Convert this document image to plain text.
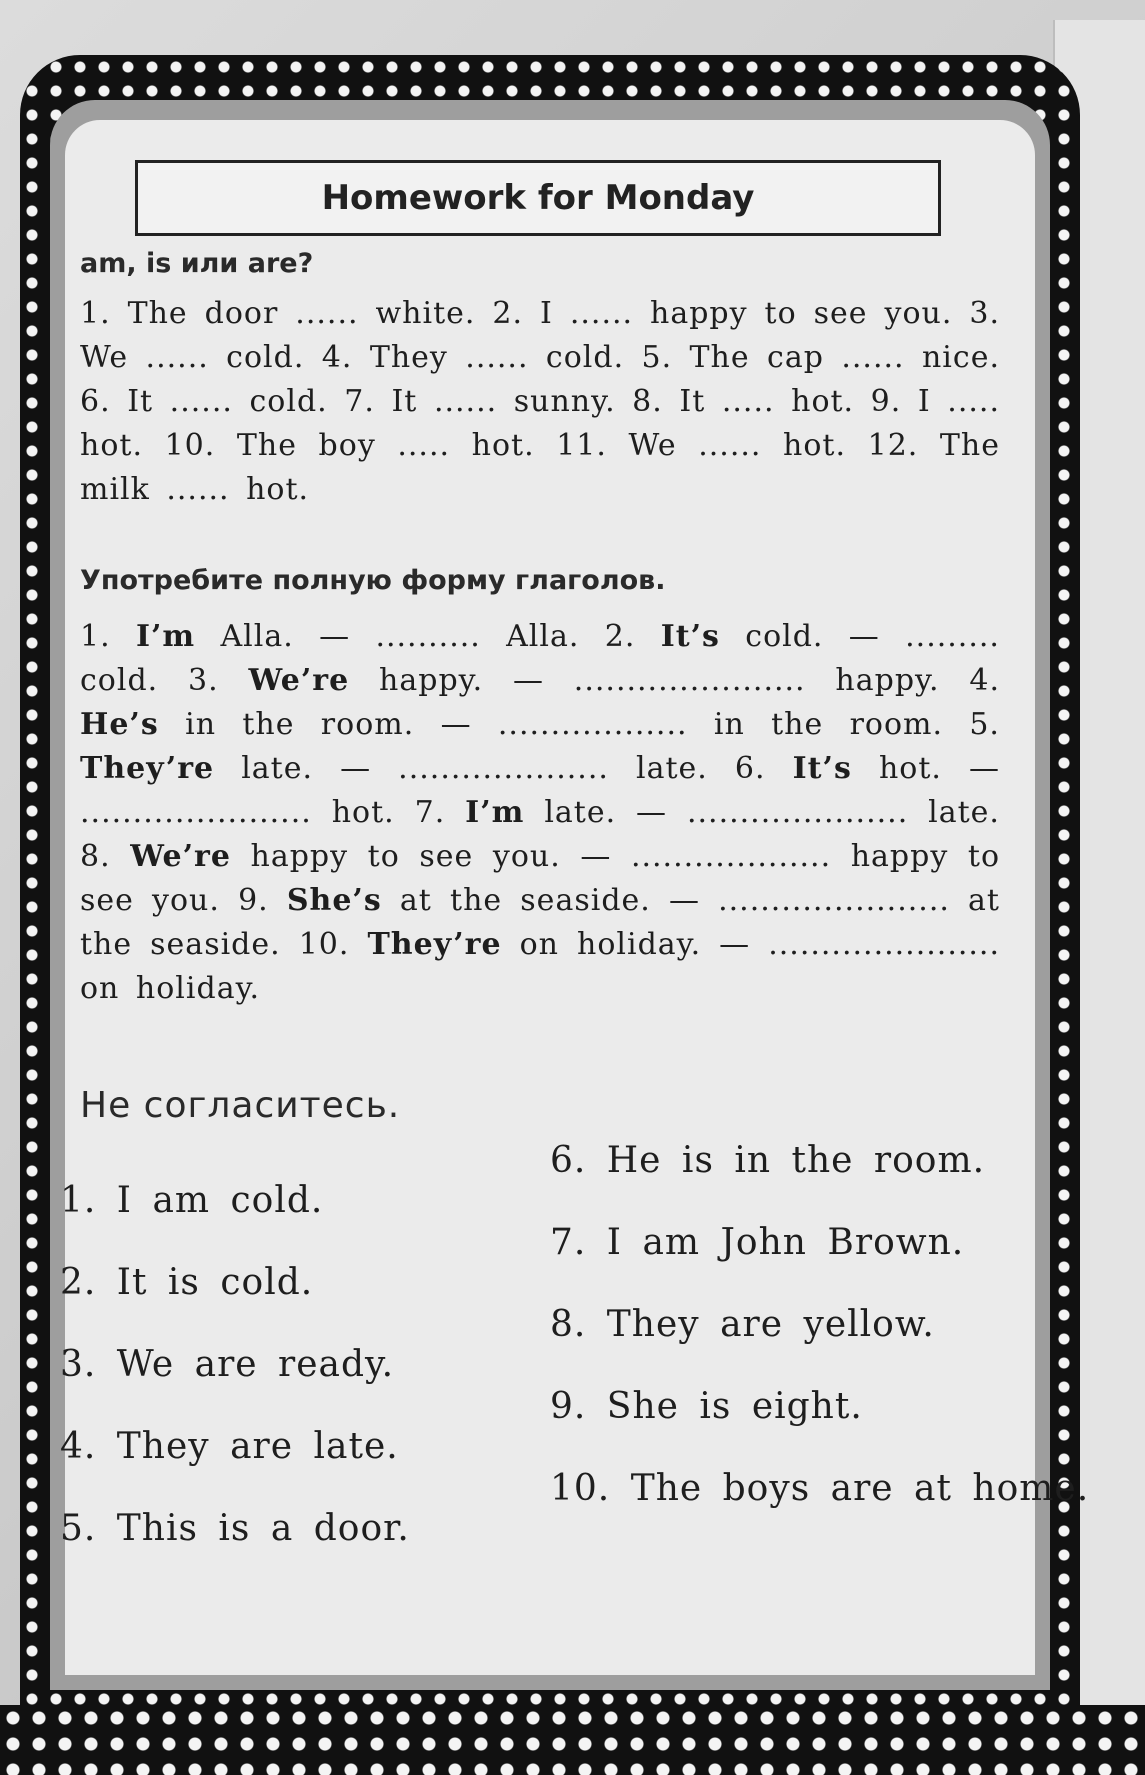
Homework for Monday
am, is или are?
1. The door ...... white. 2. I ...... happy to see you. 3. We ...... cold. 4. They ...... cold. 5. The cap ...... nice. 6. It ...... cold. 7. It ...... sunny. 8. It ..... hot. 9. I ..... hot. 10. The boy ..... hot. 11. We ...... hot. 12. The milk ...... hot.
Употребите полную форму глаголов.
1. I’m Alla. — .......... Alla. 2. It’s cold. — ......... cold. 3. We’re happy. — ...................... happy. 4. He’s in the room. — .................. in the room. 5. They’re late. — .................... late. 6. It’s hot. — ...................... hot. 7. I’m late. — ..................... late. 8. We’re happy to see you. — ................... happy to see you. 9. She’s at the seaside. — ...................... at the seaside. 10. They’re on holiday. — ...................... on holiday.
Не согласитесь.
1. I am cold.
2. It is cold.
3. We are ready.
4. They are late.
5. This is a door.
6. He is in the room.
7. I am John Brown.
8. They are yellow.
9. She is eight.
10. The boys are at home.
